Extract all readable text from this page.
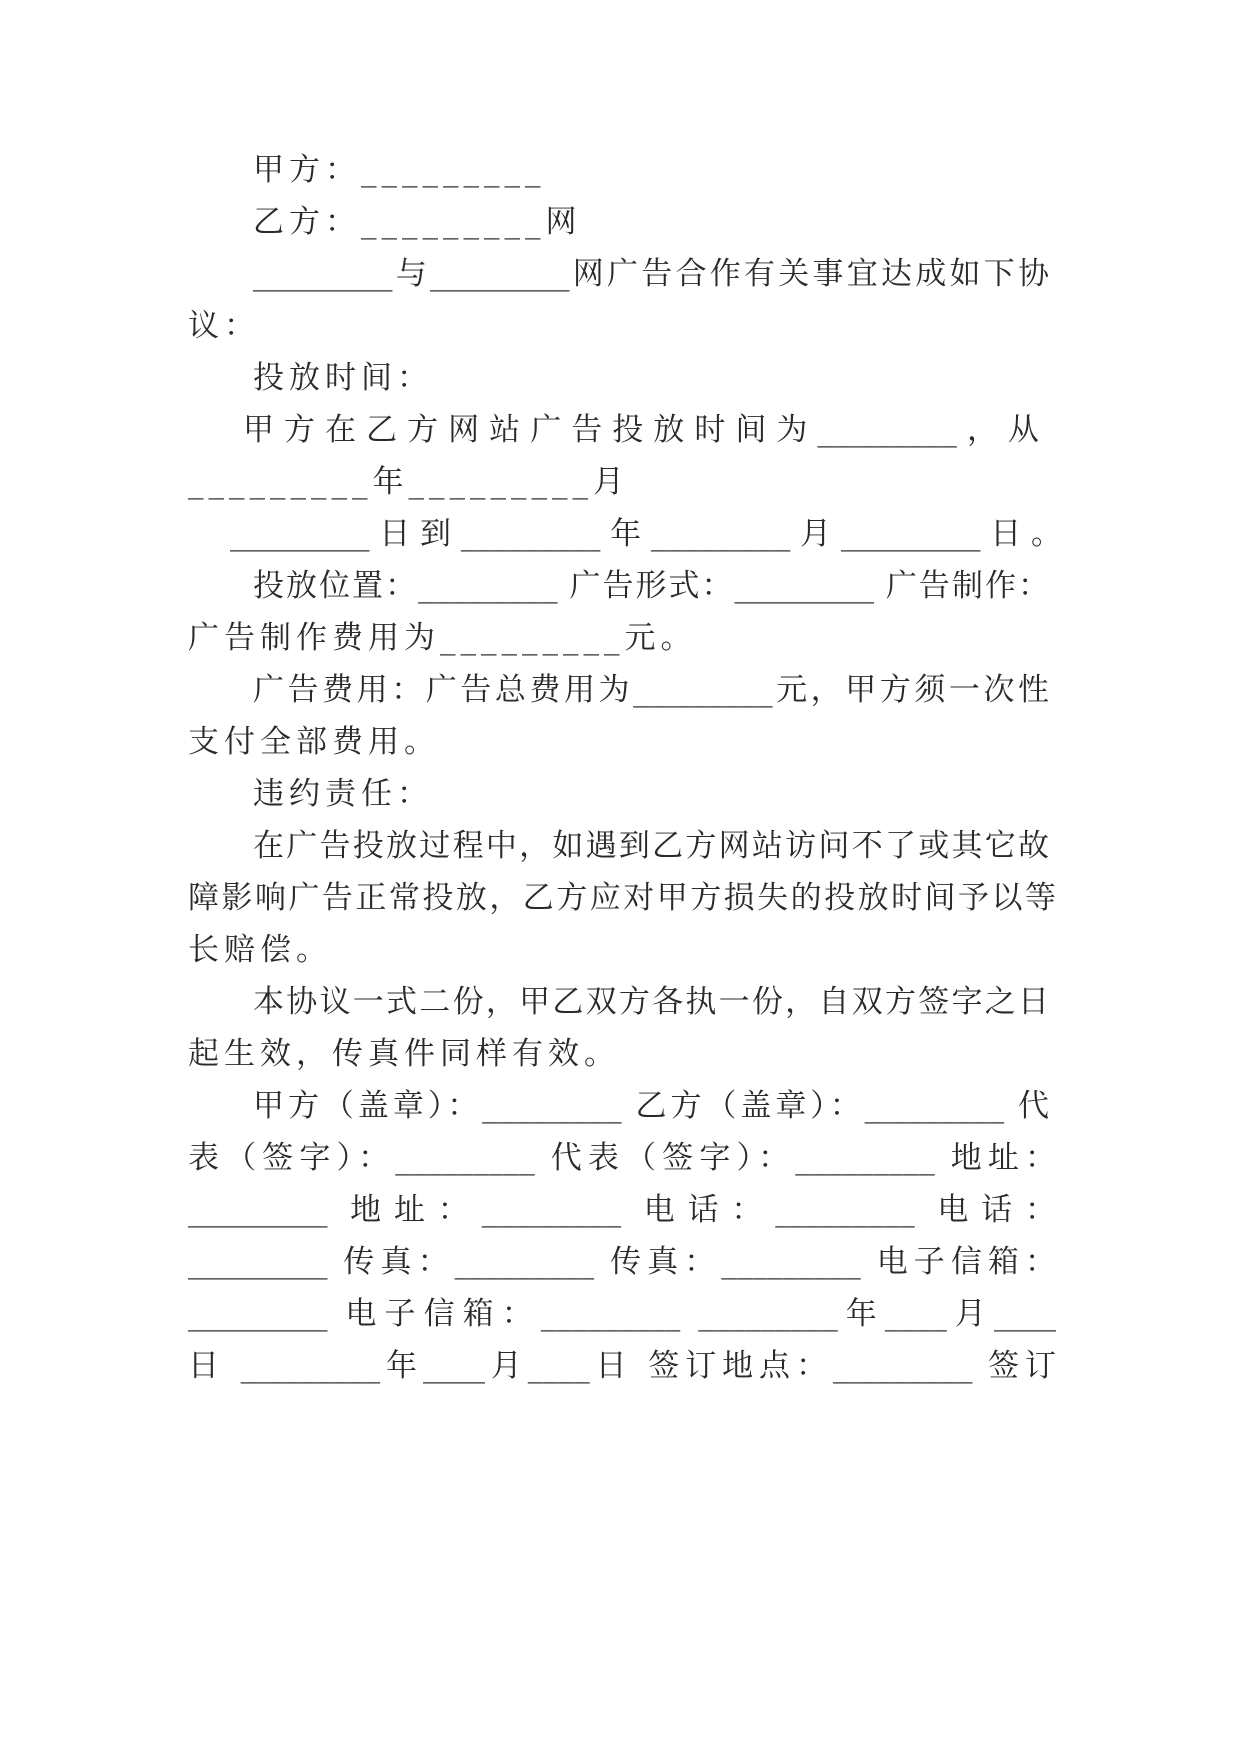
甲方：_________
乙方：_________网
_________与_________网广告合作有关事宜达成如下协
议：
投放时间：
甲方在乙方网站广告投放时间为_________，从
_________年_________月
_________日到_________年_________月_________日。
投放位置：_________ 广告形式：_________ 广告制作：
广告制作费用为_________元。
广告费用：广告总费用为_________元，甲方须一次性
支付全部费用。
违约责任：
在广告投放过程中，如遇到乙方网站访问不了或其它故
障影响广告正常投放，乙方应对甲方损失的投放时间予以等
长赔偿。
本协议一式二份，甲乙双方各执一份，自双方签字之日
起生效，传真件同样有效。
甲方（盖章）：_________ 乙方（盖章）：_________ 代
表（签字）：_________ 代表（签字）：_________ 地址：
_________ 地址：_________ 电话：_________ 电话：
_________ 传真：_________ 传真：_________ 电子信箱：
_________ 电子信箱：_________ _________年____月____
日 _________年____月____日 签订地点：_________ 签订
